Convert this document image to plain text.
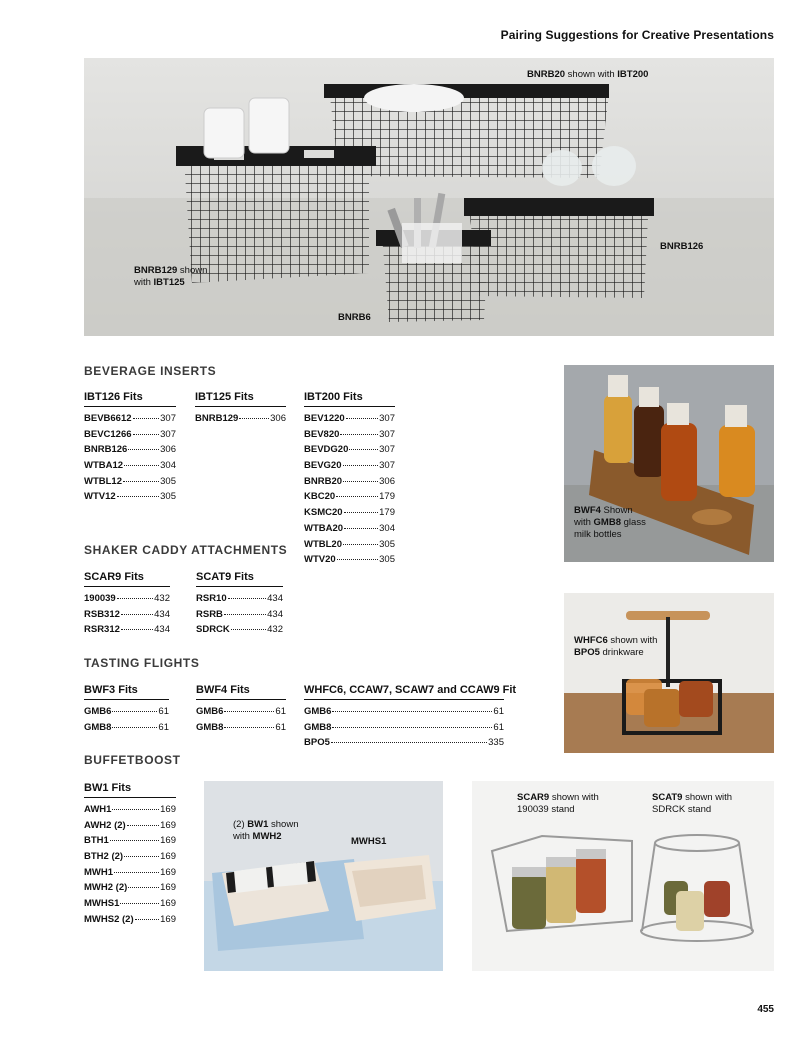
Pairing Suggestions for Creative Presentations
BNRB20 shown with IBT200
BNRB129 shown
with IBT125
BNRB6
BNRB126
BEVERAGE INSERTS
SHAKER CADDY ATTACHMENTS
TASTING FLIGHTS
BUFFETBOOST
IBT126 Fits
BEVB6612	307
BEVC1266	307
BNRB126	306
WTBA12	304
WTBL12	305
WTV12	305
IBT125 Fits
BNRB129	306
IBT200 Fits
BEV1220	307
BEV820	307
BEVDG20	307
BEVG20	307
BNRB20	306
KBC20	179
KSMC20	179
WTBA20	304
WTBL20	305
WTV20	305
SCAR9 Fits
190039	432
RSB312	434
RSR312	434
SCAT9 Fits
RSR10	434
RSRB	434
SDRCK	432
BWF3 Fits
GMB6	61
GMB8	61
BWF4 Fits
GMB6	61
GMB8	61
WHFC6, CCAW7, SCAW7 and CCAW9 Fit
GMB6	61
GMB8	61
BPO5	335
BW1 Fits
AWH1	169
AWH2 (2)	169
BTH1	169
BTH2 (2)	169
MWH1	169
MWH2 (2)	169
MWHS1	169
MWHS2 (2)	169
BWF4 Shown
with GMB8 glass
milk bottles
WHFC6 shown with
BPO5 drinkware
(2) BW1 shown
with MWH2	MWHS1
SCAR9 shown with
190039 stand
SCAT9 shown with
SDRCK stand
455
